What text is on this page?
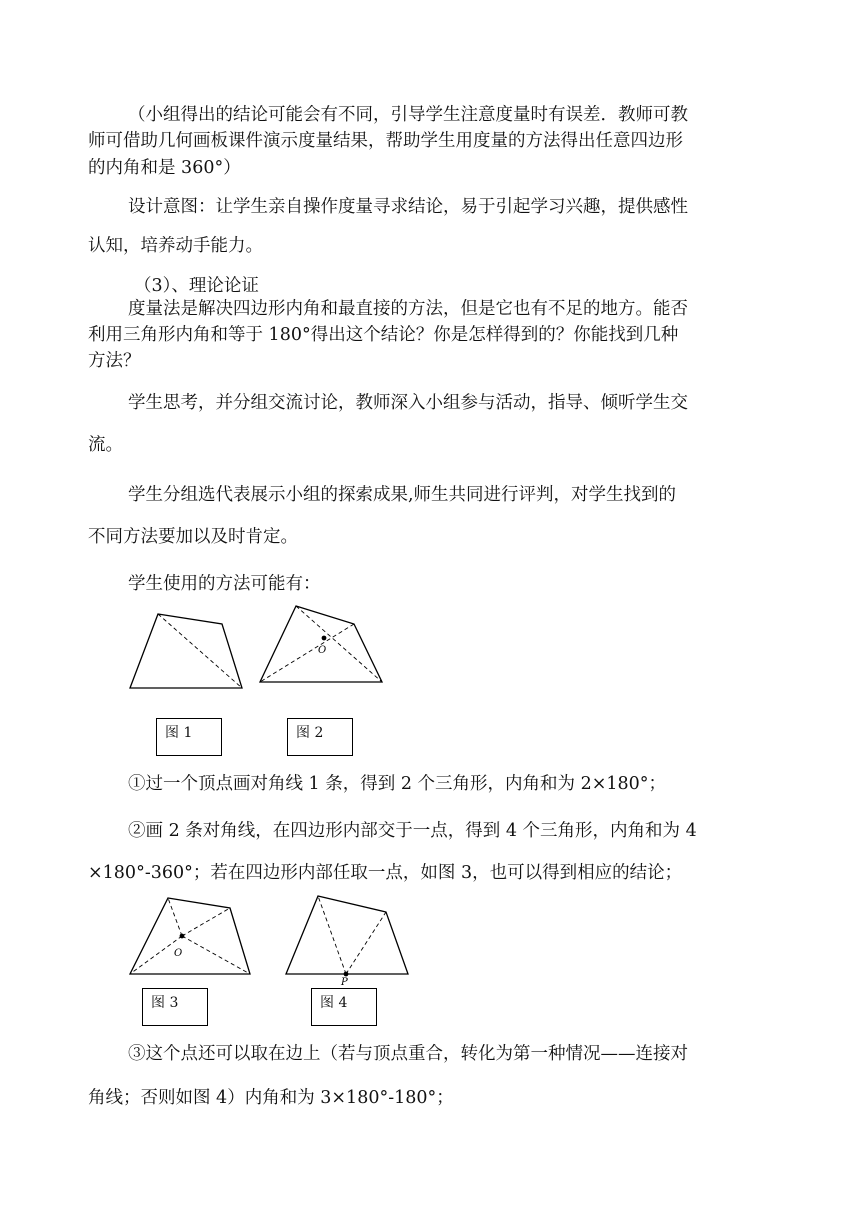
（小组得出的结论可能会有不同，引导学生注意度量时有误差．教师可教

师可借助几何画板课件演示度量结果，帮助学生用度量的方法得出任意四边形

的内角和是 360°）

设计意图：让学生亲自操作度量寻求结论，易于引起学习兴趣，提供感性

认知，培养动手能力。

（3）、理论论证

度量法是解决四边形内角和最直接的方法，但是它也有不足的地方。能否

利用三角形内角和等于 180°得出这个结论？你是怎样得到的？你能找到几种

方法？

学生思考，并分组交流讨论，教师深入小组参与活动，指导、倾听学生交

流。

学生分组选代表展示小组的探索成果,师生共同进行评判，对学生找到的

不同方法要加以及时肯定。

学生使用的方法可能有：

O
图 1	图 2

①过一个顶点画对角线 1 条，得到 2 个三角形，内角和为 2×180°；

②画 2 条对角线，在四边形内部交于一点，得到 4 个三角形，内角和为 4

×180°-360°；若在四边形内部任取一点，如图 3，也可以得到相应的结论；

O
P
图 3	图 4

③这个点还可以取在边上（若与顶点重合，转化为第一种情况——连接对

角线；否则如图 4）内角和为 3×180°-180°；
